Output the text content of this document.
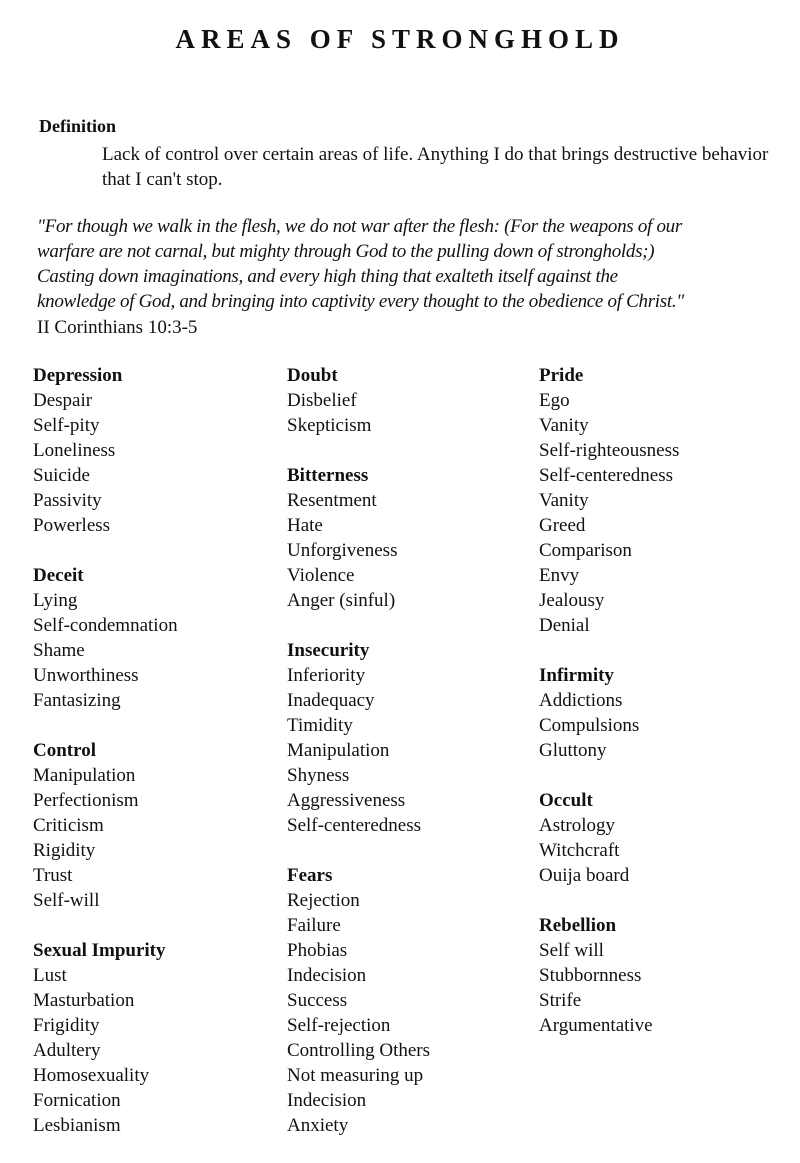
AREAS OF STRONGHOLD
Definition
Lack of control over certain areas of life. Anything I do that brings destructive behavior that I can't stop.
"For though we walk in the flesh, we do not war after the flesh: (For the weapons of our
warfare are not carnal, but mighty through God to the pulling down of strongholds;)
Casting down imaginations, and every high thing that exalteth itself against the
knowledge of God, and bringing into captivity every thought to the obedience of Christ."
II Corinthians 10:3-5
Depression
Despair
Self-pity
Loneliness
Suicide
Passivity
Powerless
Deceit
Lying
Self-condemnation
Shame
Unworthiness
Fantasizing
Control
Manipulation
Perfectionism
Criticism
Rigidity
Trust
Self-will
Sexual Impurity
Lust
Masturbation
Frigidity
Adultery
Homosexuality
Fornication
Lesbianism
Doubt
Disbelief
Skepticism
Bitterness
Resentment
Hate
Unforgiveness
Violence
Anger (sinful)
Insecurity
Inferiority
Inadequacy
Timidity
Manipulation
Shyness
Aggressiveness
Self-centeredness
Fears
Rejection
Failure
Phobias
Indecision
Success
Self-rejection
Controlling Others
Not measuring up
Indecision
Anxiety
Pride
Ego
Vanity
Self-righteousness
Self-centeredness
Vanity
Greed
Comparison
Envy
Jealousy
Denial
Infirmity
Addictions
Compulsions
Gluttony
Occult
Astrology
Witchcraft
Ouija board
Rebellion
Self will
Stubbornness
Strife
Argumentative
